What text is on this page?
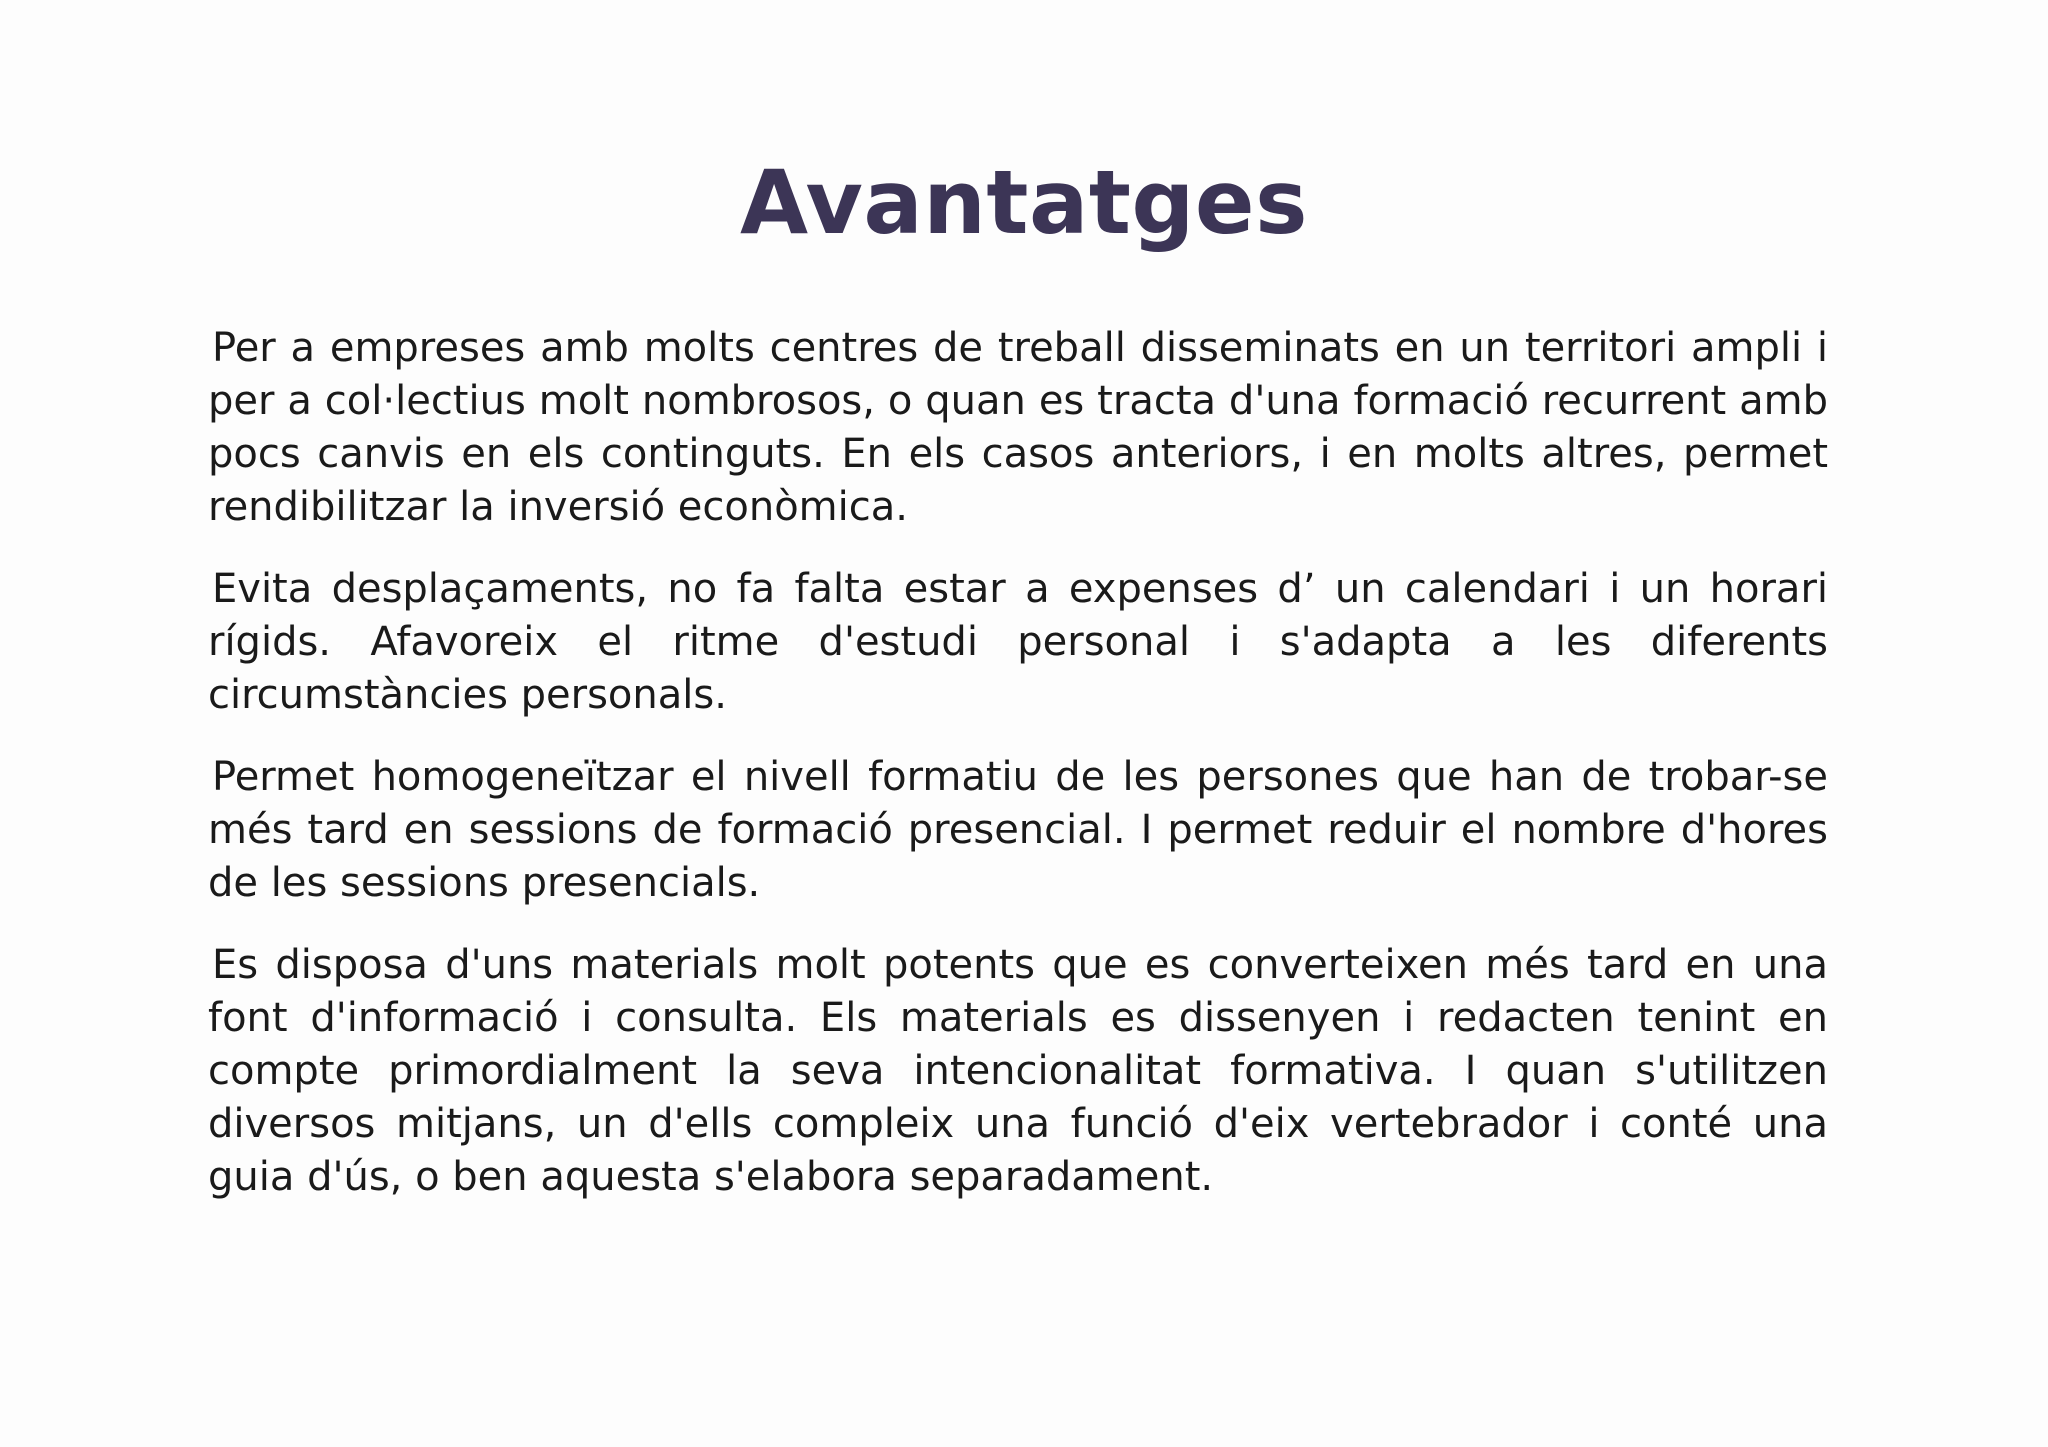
Avantatges

Per a empreses amb molts centres de treball disseminats en un territori ampli i per a col·lectius molt nombrosos, o quan es tracta d'una formació recurrent amb pocs canvis en els continguts. En els casos anteriors, i en molts altres, permet rendibilitzar la inversió econòmica.

Evita desplaçaments, no fa falta estar a expenses d’ un calendari i un horari rígids. Afavoreix el ritme d'estudi personal i s'adapta a les diferents circumstàncies personals.

Permet homogeneïtzar el nivell formatiu de les persones que han de trobar-se més tard en sessions de formació presencial. I permet reduir el nombre d'hores de les sessions presencials.

Es disposa d'uns materials molt potents que es converteixen més tard en una font d'informació i consulta. Els materials es dissenyen i redacten tenint en compte primordialment la seva intencionalitat formativa. I quan s'utilitzen diversos mitjans, un d'ells compleix una funció d'eix vertebrador i conté una guia d'ús, o ben aquesta s'elabora separadament.
